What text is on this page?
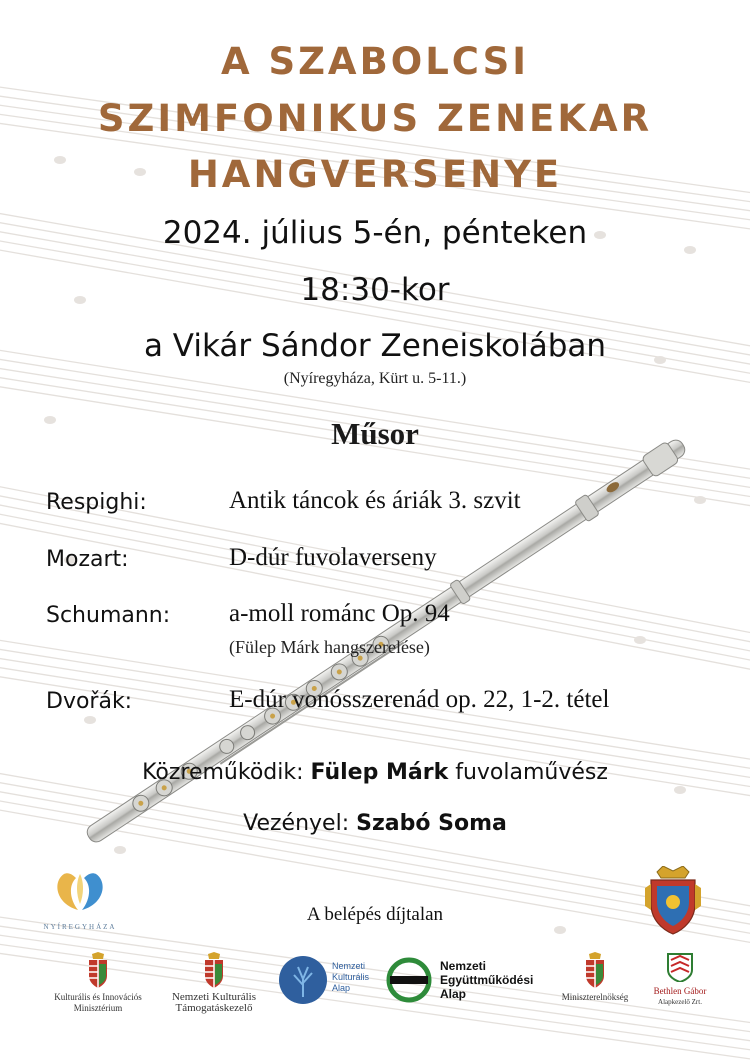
A SZABOLCSI
SZIMFONIKUS ZENEKAR
HANGVERSENYE
2024. július 5-én, pénteken
18:30-kor
a Vikár Sándor Zeneiskolában
(Nyíregyháza, Kürt u. 5-11.)
Műsor
Respighi:	Antik táncok és áriák 3. szvit
Mozart:	D-dúr fuvolaverseny
Schumann: a-moll románc Op. 94
(Fülep Márk hangszerelése)
Dvořák:	E-dúr vonósszerenád op. 22, 1-2. tétel
Közreműködik: Fülep Márk fuvolaművész
Vezényel: Szabó Soma
A belépés díjtalan
NYÍREGYHÁZA
Kulturális és Innovációs
Minisztérium
Nemzeti Kulturális
Támogatáskezelő
Nemzeti
Kulturális
Alap
Nemzeti
Együttműködési
Alap	Miniszterelnökség
Bethlen Gábor
Alapkezelő Zrt.
